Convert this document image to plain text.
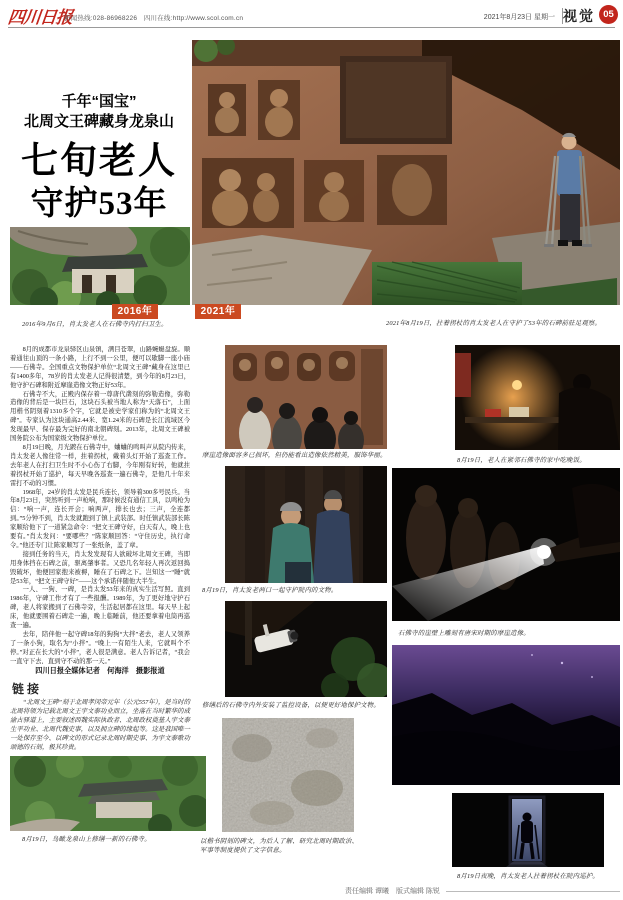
四川日报
新闻热线:028-86968226　四川在线:http://www.scol.com.cn	2021年8月23日 星期一 视觉 05
千年“国宝”
北周文王碑藏身龙泉山
七旬老人
守护53年
2021年
2021年8月19日，拄着拐杖的肖太发老人在守护了53年的石碑前驻足观察。
2016年
2016年9月6日，肖太发老人在石佛寺内打扫卫生。

8月的成都市龙泉驿区山泉镇，满目苍翠，山路蜿蜒盘旋。顺着通往山顶的一条小路，上行不到一公里，便可以歇脚一座小庙——石佛寺。全国重点文物保护单位“北周文王碑”藏身在这里已有1400多年，78岁的肖太发老人记得很清楚，到今年的8月23日，他守护石碑和附近摩崖造像文物正好53年。

石佛寺不大，正殿内保存着一尊唐代凿刻的弥勒造像，弥勒造像的背后是一块巨石，这块石头被当地人称为“天落石”，上面用楷书阴刻着1310多个字，它就是被史学家们称为的“北周文王碑”。专家认为这块通高2.44米、宽1.24米的石碑是长江流域区今发现最早、保存最为完好的南北朝碑刻。2013年，北周文王碑被国务院公布为国家级文物保护单位。

8月19日晚，月光踱在石佛寺中，蛐蛐的鸣叫声从院内传来，肖太发老人像往常一样，拄着拐杖，戴着头灯开始了巡查工作。去年老人在打扫卫生时不小心伤了右脚，今年刚有好转，他就拄着拐杖开始了巡护，每天早晚各巡查一遍石佛寺，是他几十年来雷打不动的习惯。

1968年，24岁的肖太发是民兵连长，领导着300多号民兵。当年8月23日，突然听到一声枪响，那时候没有通信工具，以鸣枪为信：“响一声，连长开会；响两声，排长也去；三声，全连都到。”5分钟不到，肖太发就跑到了镇上武装部。时任镇武装部长陈家顺给他下了一道紧急命令：“把文王碑守好，白天有人，晚上也要有。”肖太发问：“要哪些？”陈家顺回答：“守住历史，执行命令。”他还专门让陈家顺写了一张纸条，盖了章。

接到任务的当天，肖太发发现有人欲破坏北周文王碑，当即用身体挡在石碑之前，驱离肇事者。又恐几名年轻人再次返回捣毁破坏，他便回家抱来被褥，睡在了石碑之下。岂知这一“睡”就是53年，“把文王碑守好”——这个承诺伴随他大半生。

一人、一狗、一碑，是肖太发53年来的真实生活写照。直到1986年，守碑工作才有了一些报酬。1989年，为了更好地守护石碑，老人将家搬到了石佛寺旁，生活起居都在这里。每天早上起床，他就要围着石碑走一遍，晚上临睡前，他还要拿着电筒再巡查一遍。

去年，陪伴他一起守碑18年的狗狗“大拌”老去，老人又领养了一条小狗，取名为“小拌”。“晚上一有陌生人来，它就叫个不停。”对正在长大的“小拌”，老人很是满意。老人告诉记者，“我会一直守下去，直到守不动的那一天。”

四川日报全媒体记者　何海洋　摄影报道
链接

“北周文王碑”刻于北周孝闵帝元年（公元557年），是当时的北周将领为记载北周文王宇文泰功业而立，坐落在当时繁华的成渝古驿道上，主要叙述西魏实际执政者、北周政权奠基人宇文泰生平功业、北周代魏史事，以及拥立碑的缘起等。这是我国唯一一处保存至今、以碑文的形式记录北周时期史事、为宇文泰歌功颂德的石刻，极其珍贵。

8月19日，鸟瞰龙泉山上修缮一新的石佛寺。
摩崖造像面容多已损坏，但仍能看出造像依然精美，服饰华丽。
8月19日，肖太发老两口一起守护院内的文物。
修缮后的石佛寺内外安装了监控设备，以便更好地保护文物。
以楷书阴刻的碑文，为后人了解、研究北周时期政治、军事等制度提供了文字信息。
8月19日，老人在紧邻石佛寺的家中吃晚饭。
石佛寺的崖壁上雕刻有唐宋时期的摩崖造像。
8月19日夜晚，肖太发老人拄着拐杖在院内巡护。
责任编辑 谭曦　版式编辑 陈锐
